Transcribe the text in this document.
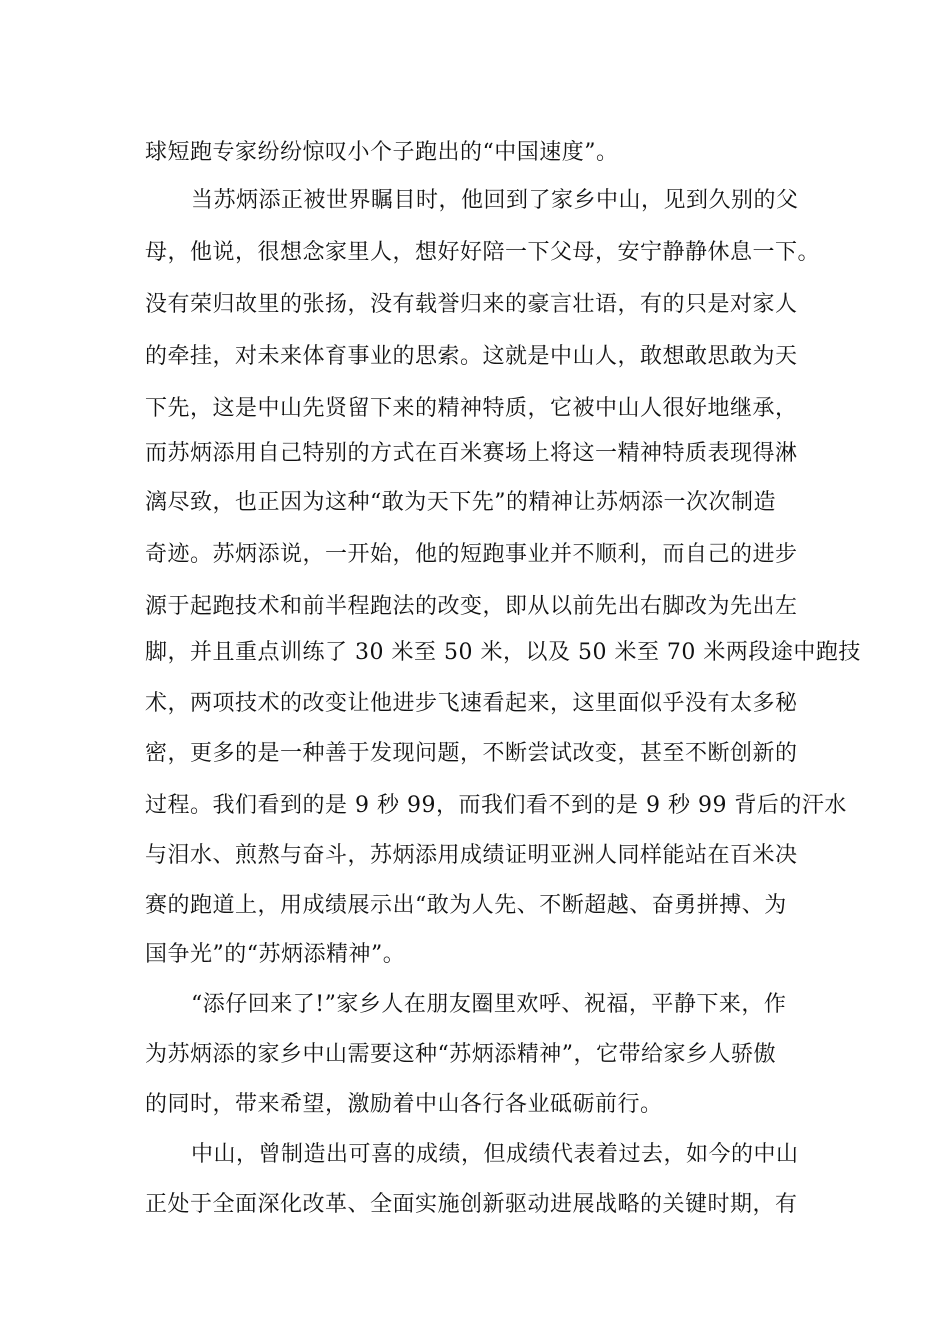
球短跑专家纷纷惊叹小个子跑出的“中国速度”。
当苏炳添正被世界瞩目时，他回到了家乡中山，见到久别的父
母，他说，很想念家里人，想好好陪一下父母，安宁静静休息一下。
没有荣归故里的张扬，没有载誉归来的豪言壮语，有的只是对家人
的牵挂，对未来体育事业的思索。这就是中山人，敢想敢思敢为天
下先，这是中山先贤留下来的精神特质，它被中山人很好地继承，
而苏炳添用自己特别的方式在百米赛场上将这一精神特质表现得淋
漓尽致，也正因为这种“敢为天下先”的精神让苏炳添一次次制造
奇迹。苏炳添说，一开始，他的短跑事业并不顺利，而自己的进步
源于起跑技术和前半程跑法的改变，即从以前先出右脚改为先出左
脚，并且重点训练了 30 米至 50 米，以及 50 米至 70 米两段途中跑技
术，两项技术的改变让他进步飞速看起来，这里面似乎没有太多秘
密，更多的是一种善于发现问题，不断尝试改变，甚至不断创新的
过程。我们看到的是 9 秒 99，而我们看不到的是 9 秒 99 背后的汗水
与泪水、煎熬与奋斗，苏炳添用成绩证明亚洲人同样能站在百米决
赛的跑道上，用成绩展示出“敢为人先、不断超越、奋勇拼搏、为
国争光”的“苏炳添精神”。
“添仔回来了!”家乡人在朋友圈里欢呼、祝福，平静下来，作
为苏炳添的家乡中山需要这种“苏炳添精神”，它带给家乡人骄傲
的同时，带来希望，激励着中山各行各业砥砺前行。
中山，曾制造出可喜的成绩，但成绩代表着过去，如今的中山
正处于全面深化改革、全面实施创新驱动进展战略的关键时期，有
